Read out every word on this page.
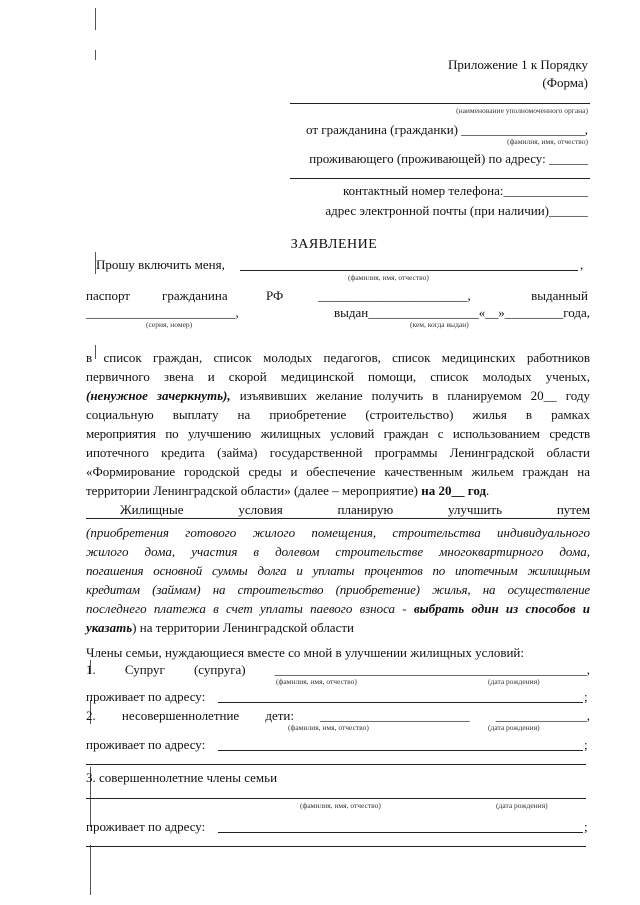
Приложение 1 к Порядку
(Форма)
(наименование уполномоченного органа)
от гражданина (гражданки) ___________________,
(фамилия, имя, отчество)
проживающего (проживающей) по адресу: ______
контактный номер телефона:_____________
адрес электронной почты (при наличии)______
ЗАЯВЛЕНИЕ
Прошу включить меня,	,
(фамилия, имя, отчество)
паспорт гражданина	РФ	_______________________,	выданный
_______________________, выдан_________________«__»_________года,
(серия, номер)	(кем, когда выдан)
в список граждан, список молодых педагогов, список медицинских работников
первичного звена и скорой медицинской помощи, список молодых ученых,
(ненужное зачеркнуть), изъявивших желание получить в планируемом 20__ году
социальную выплату на приобретение (строительство) жилья в рамках
мероприятия по улучшению жилищных условий граждан с использованием средств
ипотечного кредита (займа) государственной программы Ленинградской области
«Формирование городской среды и обеспечение качественным жильем граждан на
территории Ленинградской области» (далее – мероприятие) на 20__ год.
Жилищные условия планирую улучшить путем
(приобретения готового жилого помещения, строительства индивидуального
жилого дома, участия в долевом строительстве многоквартирного дома,
погашения основной суммы долга и уплаты процентов по ипотечным жилищным
кредитам (займам) на строительство (приобретение) жилья, на осуществление
последнего платежа в счет уплаты паевого взноса - выбрать один из способов и
указать) на территории Ленинградской области
Члены семьи, нуждающиеся вместе со мной в улучшении жилищных условий:
1. Супруг (супруга) ________________________________________________,
(фамилия, имя, отчество)	(дата рождения)
проживает по адресу:	;
2. несовершеннолетние дети: _______________________ ______________,
(фамилия, имя, отчество)	(дата рождения)
проживает по адресу:	;
3. совершеннолетние члены семьи
(фамилия, имя, отчество)	(дата рождения)
проживает по адресу:	;
